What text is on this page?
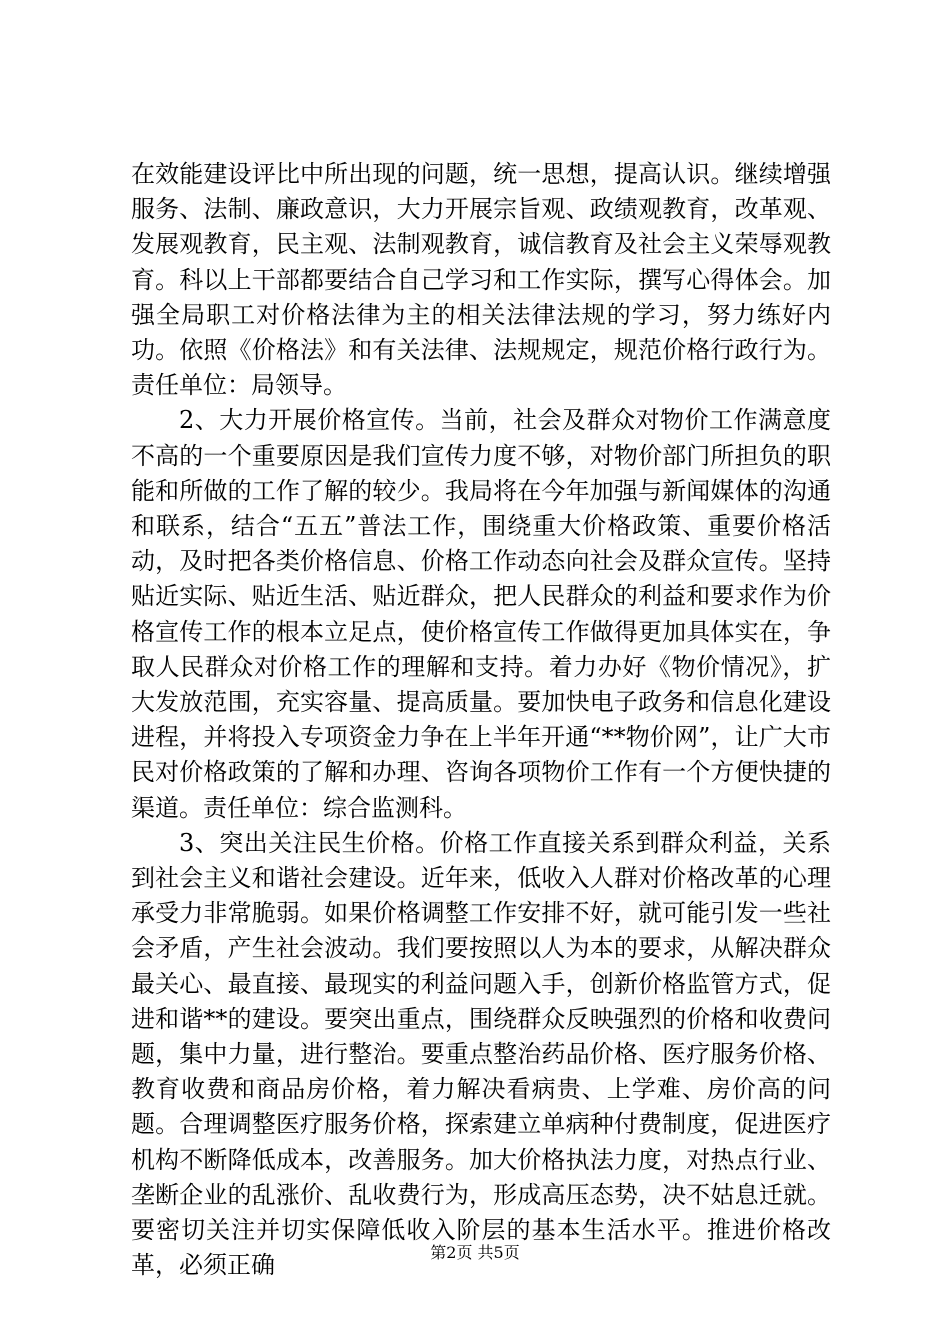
在效能建设评比中所出现的问题，统一思想，提高认识。继续增强服务、法制、廉政意识，大力开展宗旨观、政绩观教育，改革观、发展观教育，民主观、法制观教育，诚信教育及社会主义荣辱观教育。科以上干部都要结合自己学习和工作实际，撰写心得体会。加强全局职工对价格法律为主的相关法律法规的学习，努力练好内功。依照《价格法》和有关法律、法规规定，规范价格行政行为。责任单位：局领导。

2、大力开展价格宣传。当前，社会及群众对物价工作满意度不高的一个重要原因是我们宣传力度不够，对物价部门所担负的职能和所做的工作了解的较少。我局将在今年加强与新闻媒体的沟通和联系，结合“五五”普法工作，围绕重大价格政策、重要价格活动，及时把各类价格信息、价格工作动态向社会及群众宣传。坚持贴近实际、贴近生活、贴近群众，把人民群众的利益和要求作为价格宣传工作的根本立足点，使价格宣传工作做得更加具体实在，争取人民群众对价格工作的理解和支持。着力办好《物价情况》，扩大发放范围，充实容量、提高质量。要加快电子政务和信息化建设进程，并将投入专项资金力争在上半年开通“**物价网”，让广大市民对价格政策的了解和办理、咨询各项物价工作有一个方便快捷的渠道。责任单位：综合监测科。

3、突出关注民生价格。价格工作直接关系到群众利益，关系到社会主义和谐社会建设。近年来，低收入人群对价格改革的心理承受力非常脆弱。如果价格调整工作安排不好，就可能引发一些社会矛盾，产生社会波动。我们要按照以人为本的要求，从解决群众最关心、最直接、最现实的利益问题入手，创新价格监管方式，促进和谐**的建设。要突出重点，围绕群众反映强烈的价格和收费问题，集中力量，进行整治。要重点整治药品价格、医疗服务价格、教育收费和商品房价格，着力解决看病贵、上学难、房价高的问题。合理调整医疗服务价格，探索建立单病种付费制度，促进医疗机构不断降低成本，改善服务。加大价格执法力度，对热点行业、垄断企业的乱涨价、乱收费行为，形成高压态势，决不姑息迁就。要密切关注并切实保障低收入阶层的基本生活水平。推进价格改革，必须正确	第2页 共5页
